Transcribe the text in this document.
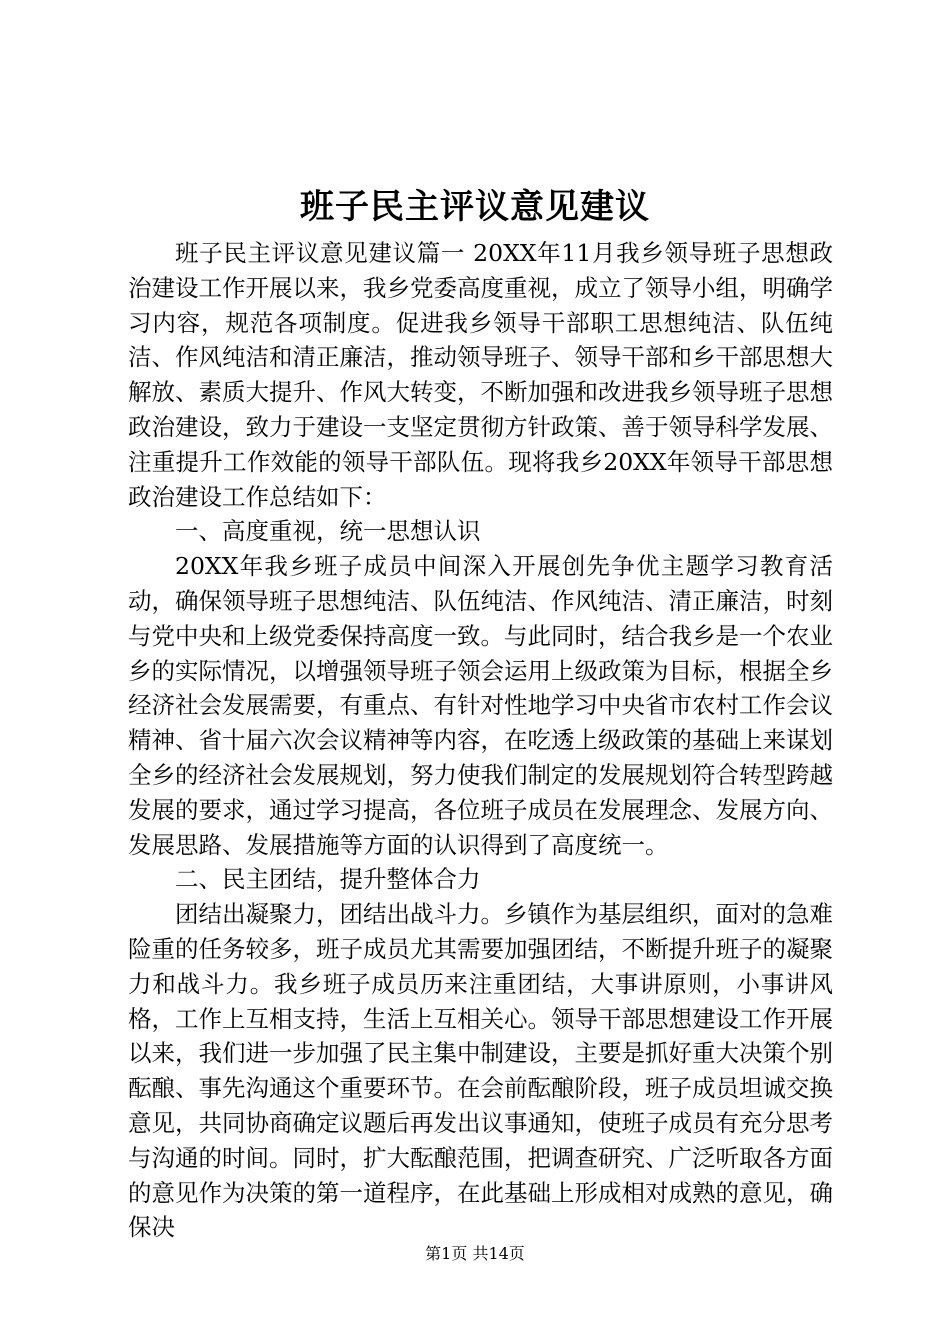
班子民主评议意见建议

班子民主评议意见建议篇一 20XX年11月我乡领导班子思想政治建设工作开展以来，我乡党委高度重视，成立了领导小组，明确学习内容，规范各项制度。促进我乡领导干部职工思想纯洁、队伍纯洁、作风纯洁和清正廉洁，推动领导班子、领导干部和乡干部思想大解放、素质大提升、作风大转变，不断加强和改进我乡领导班子思想政治建设，致力于建设一支坚定贯彻方针政策、善于领导科学发展、注重提升工作效能的领导干部队伍。现将我乡20XX年领导干部思想政治建设工作总结如下：

一、高度重视，统一思想认识

20XX年我乡班子成员中间深入开展创先争优主题学习教育活动，确保领导班子思想纯洁、队伍纯洁、作风纯洁、清正廉洁，时刻与党中央和上级党委保持高度一致。与此同时，结合我乡是一个农业乡的实际情况，以增强领导班子领会运用上级政策为目标，根据全乡经济社会发展需要，有重点、有针对性地学习中央省市农村工作会议精神、省十届六次会议精神等内容，在吃透上级政策的基础上来谋划全乡的经济社会发展规划，努力使我们制定的发展规划符合转型跨越发展的要求，通过学习提高，各位班子成员在发展理念、发展方向、发展思路、发展措施等方面的认识得到了高度统一。

二、民主团结，提升整体合力

团结出凝聚力，团结出战斗力。乡镇作为基层组织，面对的急难险重的任务较多，班子成员尤其需要加强团结，不断提升班子的凝聚力和战斗力。我乡班子成员历来注重团结，大事讲原则，小事讲风格，工作上互相支持，生活上互相关心。领导干部思想建设工作开展以来，我们进一步加强了民主集中制建设，主要是抓好重大决策个别酝酿、事先沟通这个重要环节。在会前酝酿阶段，班子成员坦诚交换意见，共同协商确定议题后再发出议事通知，使班子成员有充分思考与沟通的时间。同时，扩大酝酿范围，把调查研究、广泛听取各方面的意见作为决策的第一道程序，在此基础上形成相对成熟的意见，确保决

第1页 共14页
